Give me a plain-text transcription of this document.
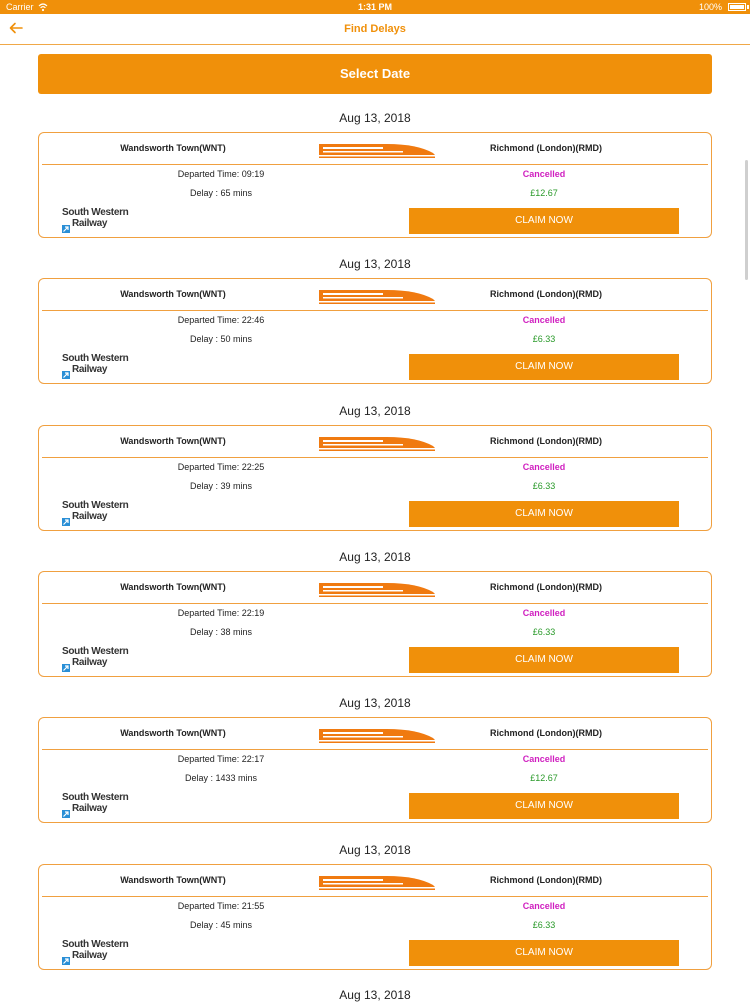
Carrier	1:31 PM	100%
Find Delays
Select Date
Aug 13, 2018
Wandsworth Town(WNT)	Richmond (London)(RMD)
Departed Time: 09:19
Delay : 65 mins
Cancelled
£12.67
South Western
Railway	CLAIM NOW
Aug 13, 2018
Wandsworth Town(WNT)	Richmond (London)(RMD)
Departed Time: 22:46
Delay : 50 mins
Cancelled
£6.33
South Western
Railway	CLAIM NOW
Aug 13, 2018
Wandsworth Town(WNT)	Richmond (London)(RMD)
Departed Time: 22:25
Delay : 39 mins
Cancelled
£6.33
South Western
Railway	CLAIM NOW
Aug 13, 2018
Wandsworth Town(WNT)	Richmond (London)(RMD)
Departed Time: 22:19
Delay : 38 mins
Cancelled
£6.33
South Western
Railway	CLAIM NOW
Aug 13, 2018
Wandsworth Town(WNT)	Richmond (London)(RMD)
Departed Time: 22:17
Delay : 1433 mins
Cancelled
£12.67
South Western
Railway	CLAIM NOW
Aug 13, 2018
Wandsworth Town(WNT)	Richmond (London)(RMD)
Departed Time: 21:55
Delay : 45 mins
Cancelled
£6.33
South Western
Railway	CLAIM NOW
Aug 13, 2018
